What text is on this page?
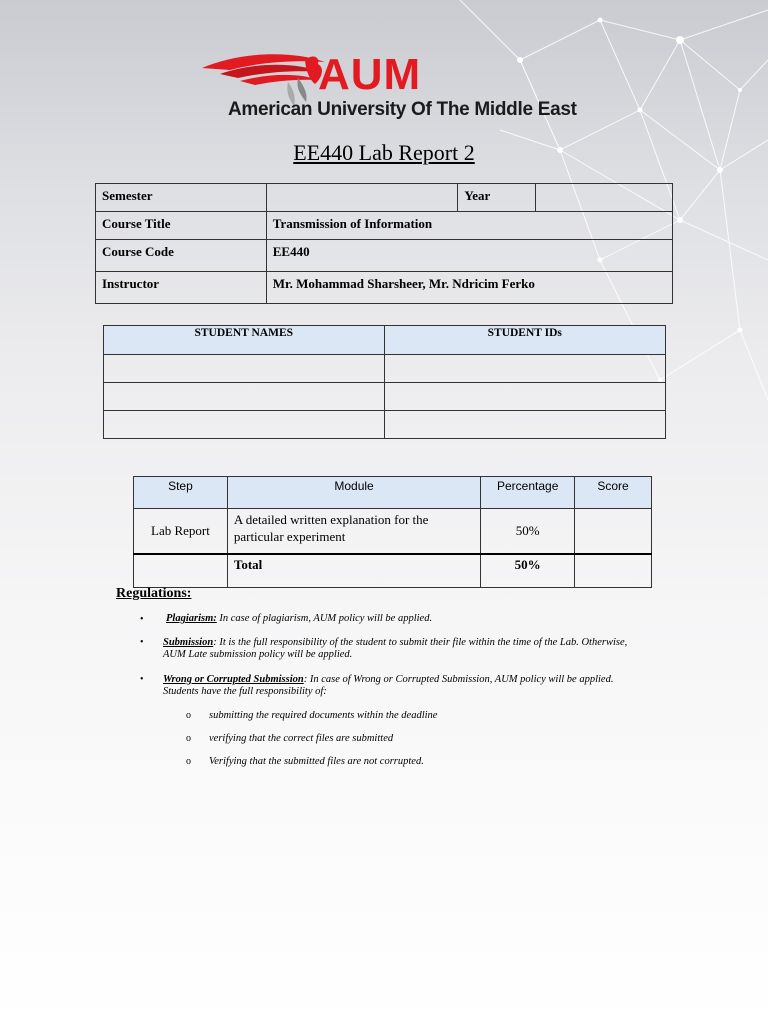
AUM
American University Of The Middle East
EE440 Lab Report 2
Semester		Year	
Course Title	Transmission of Information		
Course Code	EE440		
Instructor	Mr. Mohammad Sharsheer, Mr. Ndricim Ferko		
STUDENT NAMES	STUDENT IDs

Step	Module	Percentage	Score
Lab Report	A detailed written explanation for the particular experiment	50%	
	Total	50%	
Regulations:
• Plagiarism: In case of plagiarism, AUM policy will be applied.
• Submission: It is the full responsibility of the student to submit their file within the time of the Lab. Otherwise, AUM Late submission policy will be applied.
• Wrong or Corrupted Submission: In case of Wrong or Corrupted Submission, AUM policy will be applied. Students have the full responsibility of:
o submitting the required documents within the deadline
o verifying that the correct files are submitted
o Verifying that the submitted files are not corrupted.
